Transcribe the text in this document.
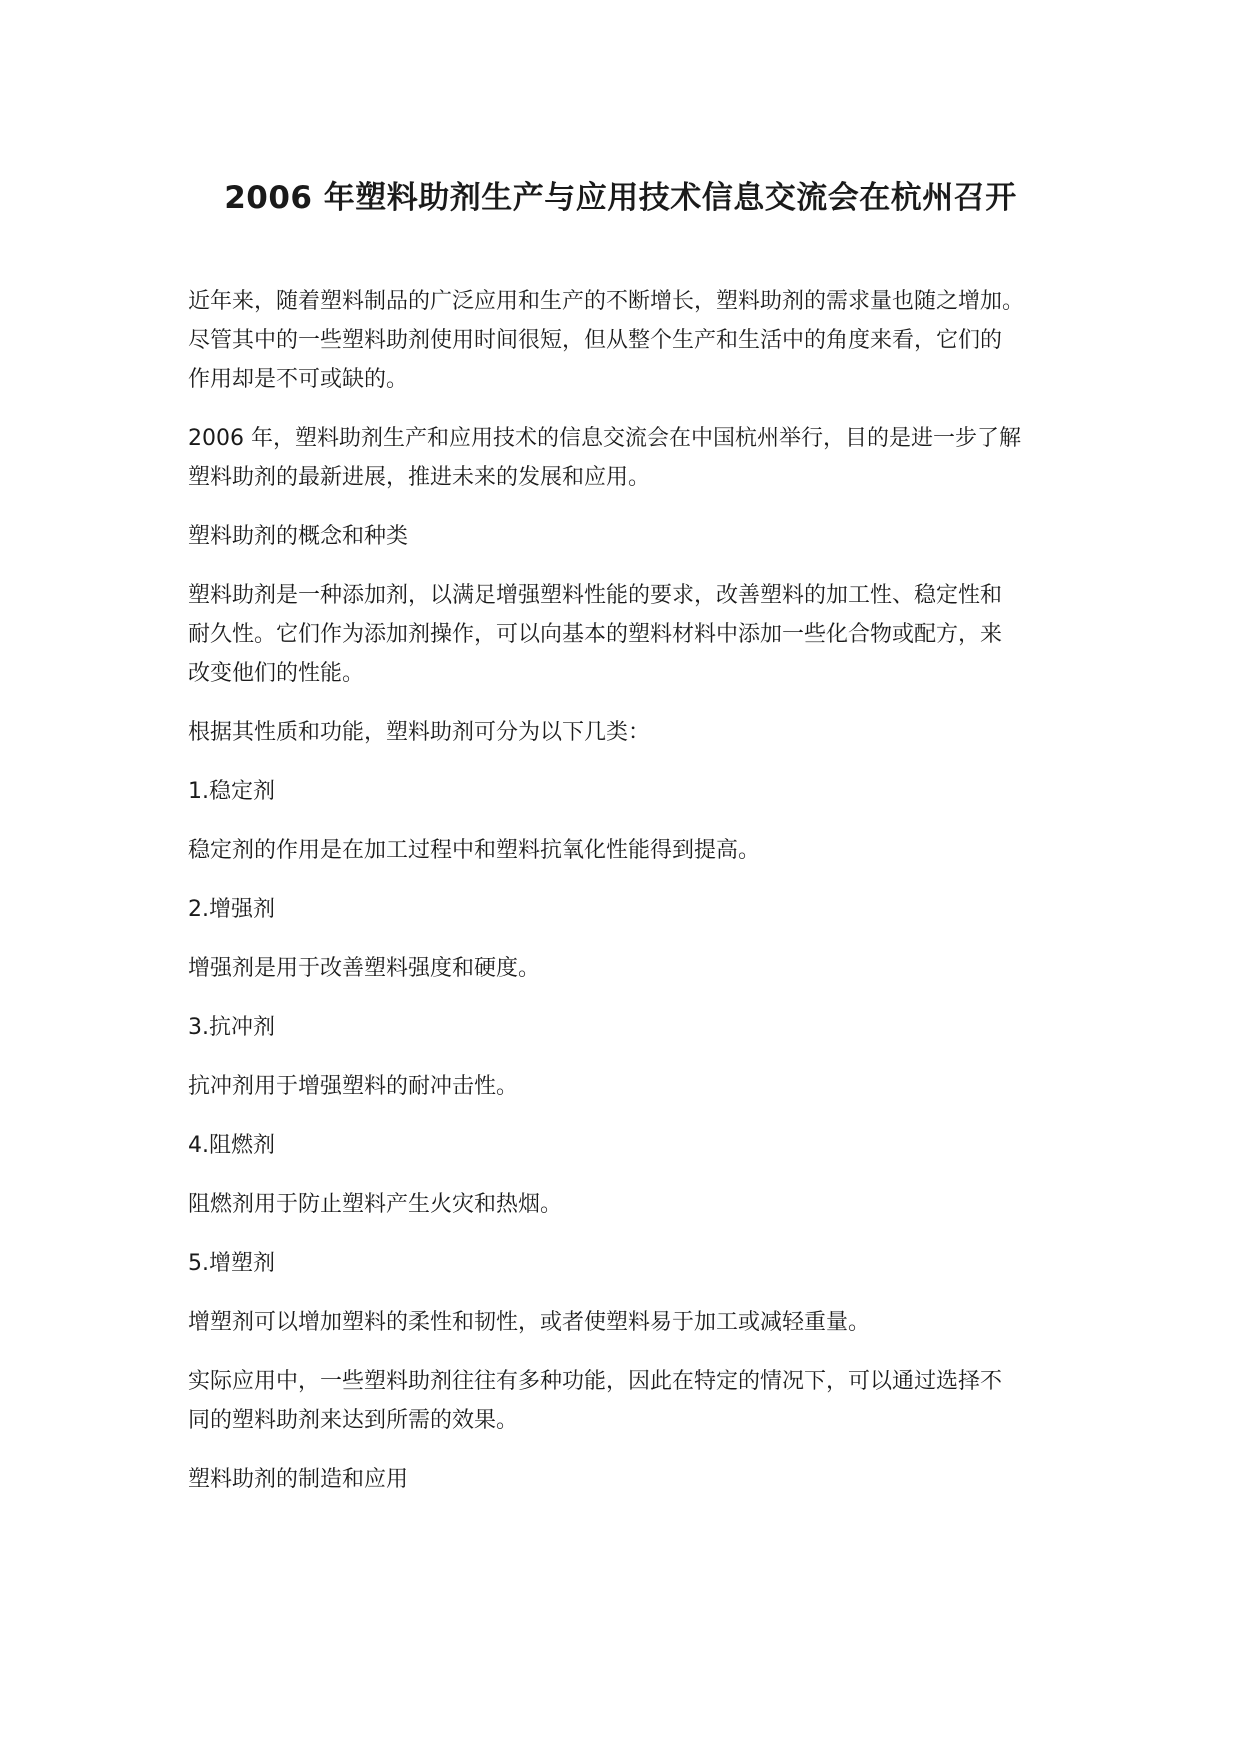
2006 年塑料助剂生产与应用技术信息交流会在杭州召开

近年来，随着塑料制品的广泛应用和生产的不断增长，塑料助剂的需求量也随之增加。
尽管其中的一些塑料助剂使用时间很短，但从整个生产和生活中的角度来看，它们的
作用却是不可或缺的。

2006 年，塑料助剂生产和应用技术的信息交流会在中国杭州举行，目的是进一步了解
塑料助剂的最新进展，推进未来的发展和应用。

塑料助剂的概念和种类

塑料助剂是一种添加剂，以满足增强塑料性能的要求，改善塑料的加工性、稳定性和
耐久性。它们作为添加剂操作，可以向基本的塑料材料中添加一些化合物或配方，来
改变他们的性能。

根据其性质和功能，塑料助剂可分为以下几类：

1.稳定剂

稳定剂的作用是在加工过程中和塑料抗氧化性能得到提高。

2.增强剂

增强剂是用于改善塑料强度和硬度。

3.抗冲剂

抗冲剂用于增强塑料的耐冲击性。

4.阻燃剂

阻燃剂用于防止塑料产生火灾和热烟。

5.增塑剂

增塑剂可以增加塑料的柔性和韧性，或者使塑料易于加工或减轻重量。

实际应用中，一些塑料助剂往往有多种功能，因此在特定的情况下，可以通过选择不
同的塑料助剂来达到所需的效果。

塑料助剂的制造和应用
